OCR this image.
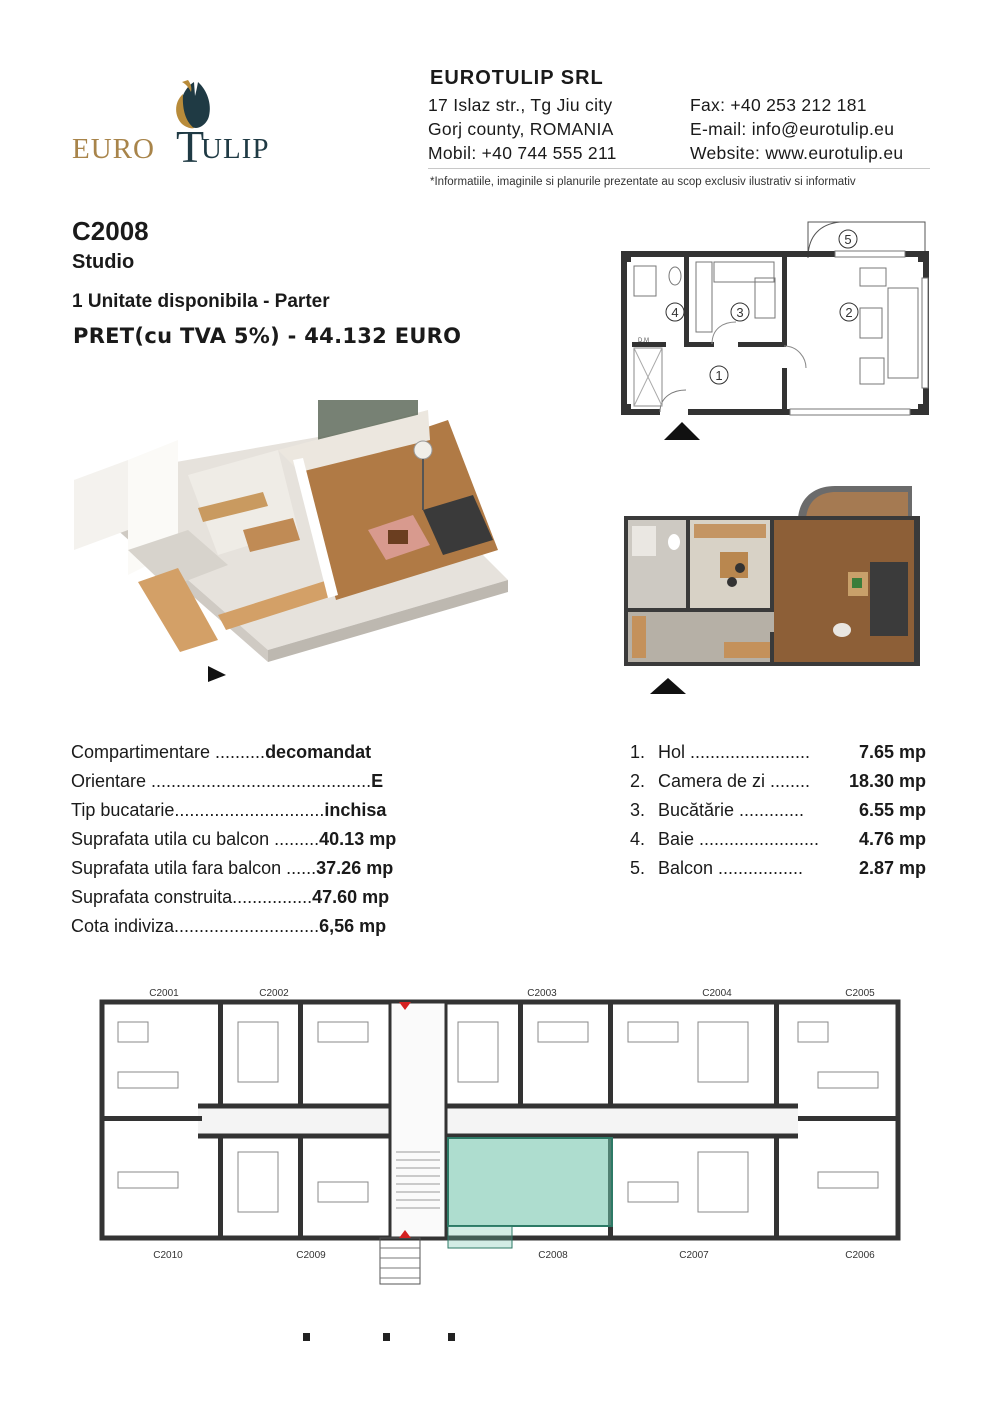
EURO T
ULIP
EUROTULIP SRL
17 Islaz str., Tg Jiu city	Fax: +40 253 212 181
Gorj county, ROMANIA	E-mail: info@eurotulip.eu
Mobil: +40 744 555 211	Website: www.eurotulip.eu
*Informatiile, imaginile si planurile prezentate au scop exclusiv ilustrativ si informativ
C2008
Studio
1 Unitate disponibila - Parter
PRET(cu TVA 5%) - 44.132 EURO
4	3	2
1
5
D.M
Compartimentare ..........decomandat
Orientare ............................................E
Tip bucatarie..............................inchisa
Suprafata utila cu balcon .........40.13 mp
Suprafata utila fara balcon ......37.26 mp
Suprafata construita................47.60 mp
Cota indiviza.............................6,56 mp
1. Hol ........................	7.65 mp
2. Camera de zi ........ 18.30 mp
3. Bucătărie .............	6.55 mp
4. Baie ........................ 4.76 mp
5. Balcon .................	2.87 mp
C2001	C2002	C2003	C2004	C2005
C2010	C2009	C2008	C2007	C2006
